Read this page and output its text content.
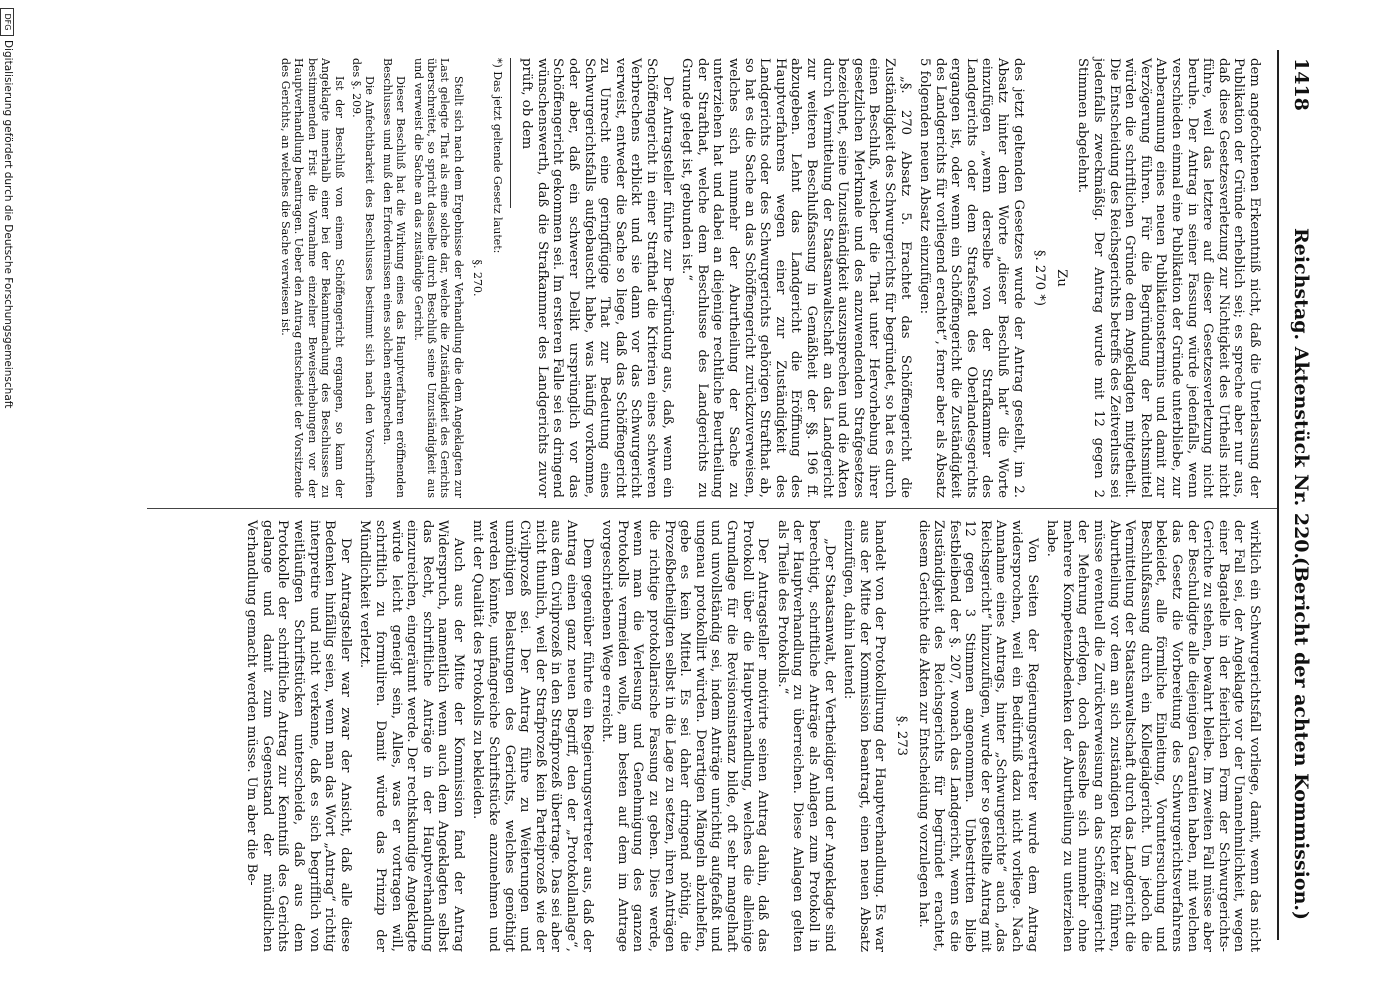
1418
Reichstag. Aktenstück Nr. 220.
(Bericht der achten Kommission.)

dem angefochtenen Erkenntniß nicht, daß die Unterlassung der Publikation der Gründe erheblich sei; es spreche aber nur aus, daß diese Gesetzesverletzung zur Nichtigkeit des Urtheils nicht führe, weil das letztere auf dieser Gesetzesverletzung nicht beruhe. Der Antrag in seiner Fassung würde jedenfalls, wenn verschieden einmal eine Publikation der Gründe unterbliebe, zur Anberaumung eines neuen Publikationstermins und damit zur Verzögerung führen. Für die Begründung der Rechtsmittel würden die schriftlichen Gründe dem Angeklagten mitgetheilt. Die Entscheidung des Reichsgerichts betreffs des Zeitverlusts sei jedenfalls zweckmäßig. Der Antrag wurde mit 12 gegen 2 Stimmen abgelehnt.

Zu

§. 270 *)

des jetzt geltenden Gesetzes wurde der Antrag gestellt, im 2. Absatz hinter dem Worte „dieser Beschluß hat“ die Worte einzufügen „wenn derselbe von der Strafkammer des Landgerichts oder dem Strafsenat des Oberlandesgerichts ergangen ist, oder wenn ein Schöffengericht die Zuständigkeit des Landgerichts für vorliegend erachtet“, ferner aber als Absatz 5 folgenden neuen Absatz einzufügen:

„§. 270 Absatz 5. Erachtet das Schöffengericht die Zuständigkeit des Schwurgerichts für begründet, so hat es durch einen Beschluß, welcher die That unter Hervorhebung ihrer gesetzlichen Merkmale und des anzuwendenden Strafgesetzes bezeichnet, seine Unzuständigkeit auszusprechen und die Akten durch Vermittelung der Staatsanwaltschaft an das Landgericht zur weiteren Beschlußfassung in Gemäßheit der §§. 196 ff. abzugeben. Lehnt das Landgericht die Eröffnung des Hauptverfahrens wegen einer zur Zuständigkeit des Landgerichts oder des Schwurgerichts gehörigen Strafthat ab, so hat es die Sache an das Schöffengericht zurückzuverweisen, welches sich nunmehr der Aburtheilung der Sache zu unterziehen hat und dabei an diejenige rechtliche Beurtheilung der Strafthat, welche dem Beschlusse des Landgerichts zu Grunde gelegt ist, gebunden ist.“

Der Antragsteller führte zur Begründung aus, daß, wenn ein Schöffengericht in einer Strafthat die Kriterien eines schweren Verbrechens erblickt und sie dann vor das Schwurgericht verweist, entweder die Sache so liege, daß das Schöffengericht zu Unrecht eine geringfügige That zur Bedeutung eines Schwurgerichtsfalls aufgebauscht habe, was häufig vorkomme, oder aber, daß ein schwerer Delikt ursprünglich vor das Schöffengericht gekommen sei. Im ersteren Falle sei es dringend wünschenswerth, daß die Strafkammer des Landgerichts zuvor prüft, ob dem

*) Das jetzt geltende Gesetz lautet:

§. 270.

Stellt sich nach dem Ergebnisse der Verhandlung die dem Angeklagten zur Last gelegte That als eine solche dar, welche die Zuständigkeit des Gerichts überschreitet, so spricht dasselbe durch Beschluß seine Unzuständigkeit aus und verweist die Sache an das zuständige Gericht.

Dieser Beschluß hat die Wirkung eines das Hauptverfahren eröffnenden Beschlusses und muß den Erfordernissen eines solchen entsprechen.

Die Anfechtbarkeit des Beschlusses bestimmt sich nach den Vorschriften des §. 209.

Ist der Beschluß von einem Schöffengericht ergangen, so kann der Angeklagte innerhalb einer bei der Bekanntmachung des Beschlusses zu bestimmenden Frist die Vornahme einzelner Beweiserhebungen vor der Hauptverhandlung beantragen. Ueber den Antrag entscheidet der Vorsitzende des Gerichts, an welches die Sache verwiesen ist.

wirklich ein Schwurgerichtsfall vorliege, damit, wenn das nicht der Fall sei, der Angeklagte vor der Unannehmlichkeit, wegen einer Bagatelle in der feierlichen Form der Schwurgerichts-Gerichte zu stehen, bewahrt bleibe. Im zweiten Fall müsse aber der Beschuldigte alle diejenigen Garantien haben, mit welchen das Gesetz die Vorbereitung des Schwurgerichtsverfahrens bekleidet, alle förmliche Einleitung, Voruntersuchung und Beschlußfassung durch ein Kollegialgericht. Um jedoch die Vermittelung der Staatsanwaltschaft durch das Landgericht die Aburtheilung vor dem an sich zuständigen Richter zu führen, müsse eventuell die Zurückverweisung an das Schöffengericht der Mehrung erfolgen, doch dasselbe sich nunmehr ohne mehrere Kompetenzbedenken der Aburtheilung zu unterziehen habe.

Von Seiten der Regierungsvertreter wurde dem Antrag widersprochen, weil ein Bedürfniß dazu nicht vorliege. Nach Annahme eines Antrags, hinter „Schwurgerichte“ auch „das Reichsgericht“ hinzuzufügen, wurde der so gestellte Antrag mit 12 gegen 3 Stimmen angenommen. Unbestritten blieb festbleibend der §. 207, wonach das Landgericht, wenn es die Zuständigkeit des Reichsgerichts für begründet erachtet, diesem Gerichte die Akten zur Entscheidung vorzulegen hat.

§. 273

handelt von der Protokollirung der Hauptverhandlung. Es war aus der Mitte der Kommission beantragt, einen neuen Absatz einzufügen, dahin lautend:

„Der Staatsanwalt, der Vertheidiger und der Angeklagte sind berechtigt, schriftliche Anträge als Anlagen zum Protokoll in der Hauptverhandlung zu überreichen. Diese Anlagen gelten als Theile des Protokolls.“

Der Antragsteller motivirte seinen Antrag dahin, daß das Protokoll über die Hauptverhandlung, welches die alleinige Grundlage für die Revisionsinstanz bilde, oft sehr mangelhaft und unvollständig sei, indem Anträge unrichtig aufgefaßt und ungenau protokollirt würden. Derartigen Mängeln abzuhelfen, gebe es kein Mittel. Es sei daher dringend nöthig, die Prozeßbetheiligten selbst in die Lage zu setzen, ihren Anträgen die richtige protokollarische Fassung zu geben. Dies werde, wenn man die Verlesung und Genehmigung des ganzen Protokolls vermeiden wolle, am besten auf dem im Antrage vorgeschriebenen Wege erreicht.

Dem gegenüber führte ein Regierungsvertreter aus, daß der Antrag einen ganz neuen Begriff, den der „Protokollanlage“, aus dem Civilprozeß in den Strafprozeß übertrage. Das sei aber nicht thunlich, weil der Strafprozeß kein Parteiprozeß wie der Civilprozeß sei. Der Antrag führe zu Weiterungen und unnöthigen Belastungen des Gerichts, welches genöthigt werden könnte, umfangreiche Schriftstücke anzunehmen und mit der Qualität des Protokolls zu bekleiden.

Auch aus der Mitte der Kommission fand der Antrag Widerspruch, namentlich wenn auch dem Angeklagten selbst das Recht, schriftliche Anträge in der Hauptverhandlung einzureichen, eingeräumt werde. Der rechtskundige Angeklagte würde leicht geneigt sein, Alles, was er vortragen will, schriftlich zu formuliren. Damit würde das Prinzip der Mündlichkeit verletzt.

Der Antragsteller war zwar der Ansicht, daß alle diese Bedenken hinfällig seien, wenn man das Wort „Antrag“ richtig interpretire und nicht verkenne, daß es sich begrifflich von weitläufigen Schriftstücken unterscheide, daß aus dem Protokolle der schriftliche Antrag zur Kenntniß des Gerichts gelange und damit zum Gegenstand der mündlichen Verhandlung gemacht werden müsse. Um aber die Be-

DFG
Digitalisierung gefördert durch die Deutsche Forschungsgemeinschaft
